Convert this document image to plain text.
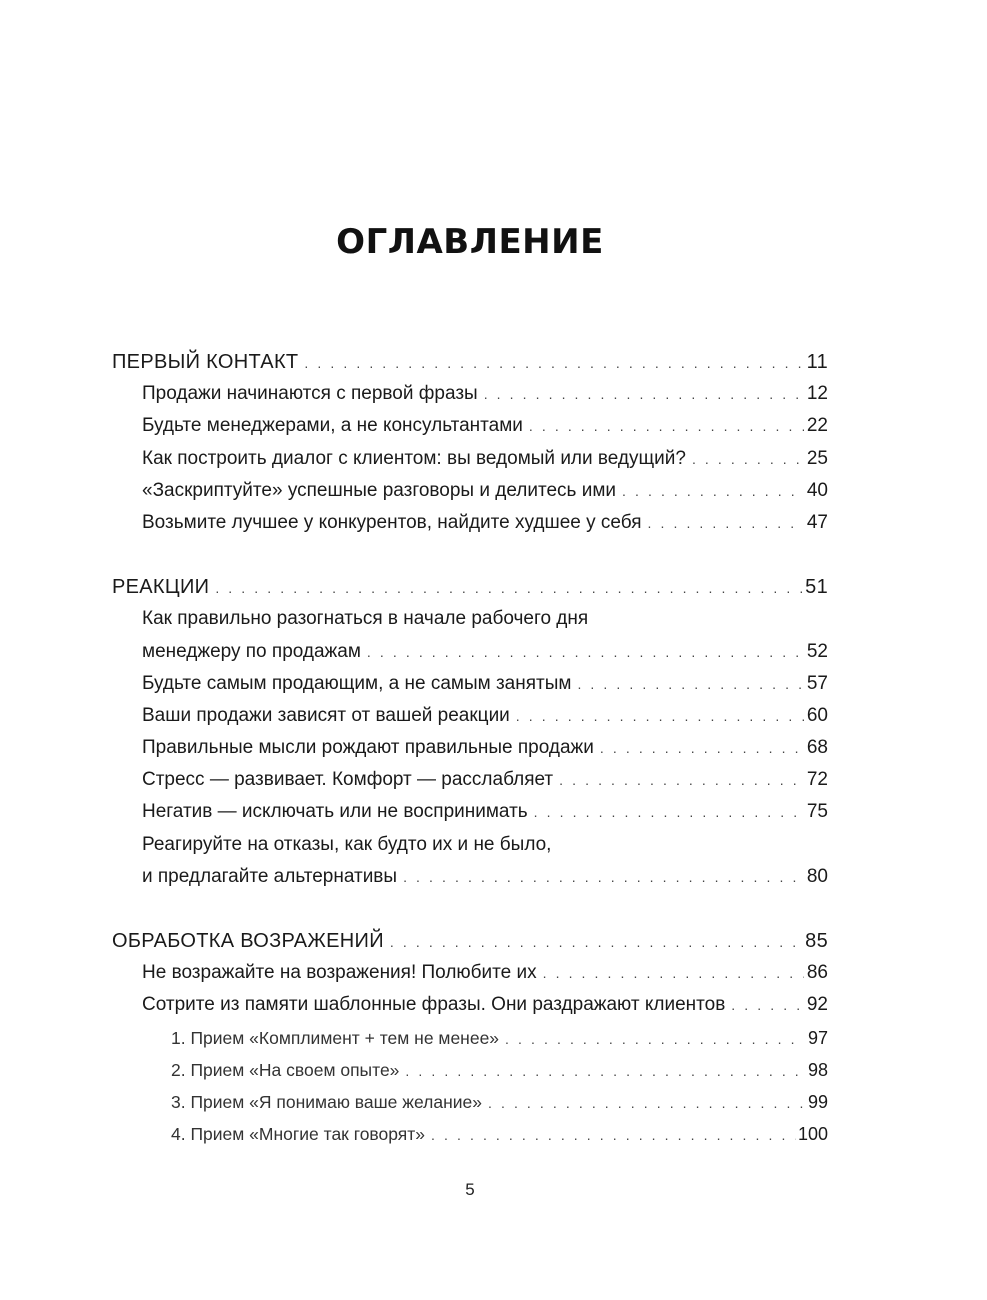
ОГЛАВЛЕНИЕ
ПЕРВЫЙ КОНТАКТ . . .	11
Продажи начинаются с первой фразы . . .	12
Будьте менеджерами, а не консультантами . . .	22
Как построить диалог с клиентом: вы ведомый или ведущий? . . .	25
«Заскриптуйте» успешные разговоры и делитесь ими . . .	40
Возьмите лучшее у конкурентов, найдите худшее у себя . . .	47
РЕАКЦИИ . . .	51
Как правильно разогнаться в начале рабочего дня
менеджеру по продажам . . .	52
Будьте самым продающим, а не самым занятым . . .	57
Ваши продажи зависят от вашей реакции . . .	60
Правильные мысли рождают правильные продажи . . .	68
Стресс — развивает. Комфорт — расслабляет . . .	72
Негатив — исключать или не воспринимать . . .	75
Реагируйте на отказы, как будто их и не было,
и предлагайте альтернативы . . .	80
ОБРАБОТКА ВОЗРАЖЕНИЙ . . .	85
Не возражайте на возражения! Полюбите их . . .	86
Сотрите из памяти шаблонные фразы. Они раздражают клиентов . . .	92
1. Прием «Комплимент + тем не менее» . . .	97
2. Прием «На своем опыте» . . .	98
3. Прием «Я понимаю ваше желание» . . .	99
4. Прием «Многие так говорят» . . .	100
5
